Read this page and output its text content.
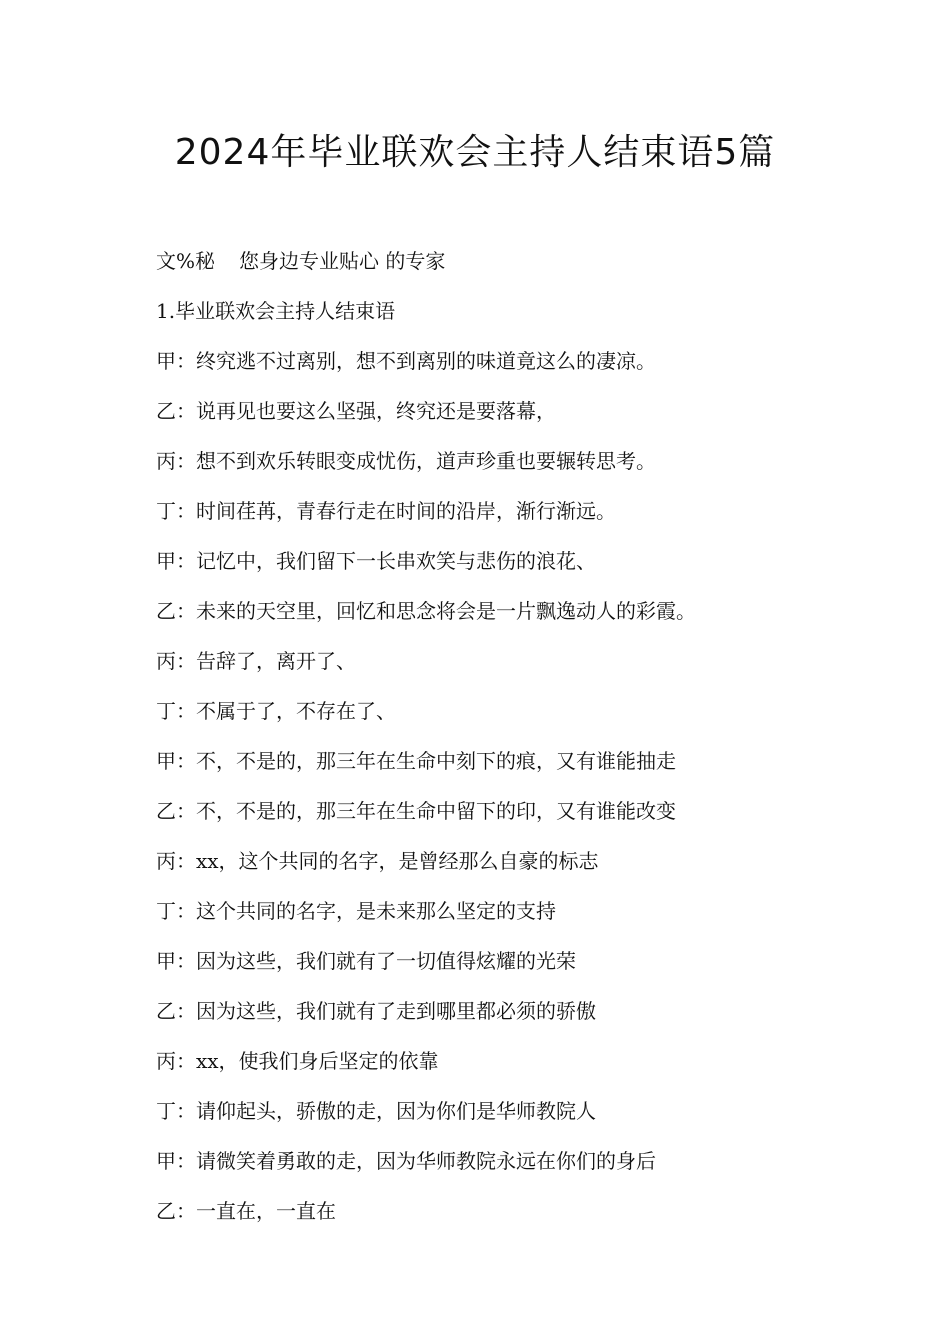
2024年毕业联欢会主持人结束语5篇
文%秘 您身边专业贴心 的专家
1.毕业联欢会主持人结束语
甲：终究逃不过离别，想不到离别的味道竟这么的凄凉。
乙：说再见也要这么坚强，终究还是要落幕，
丙：想不到欢乐转眼变成忧伤，道声珍重也要辗转思考。
丁：时间荏苒，青春行走在时间的沿岸，渐行渐远。
甲：记忆中，我们留下一长串欢笑与悲伤的浪花、
乙：未来的天空里，回忆和思念将会是一片飘逸动人的彩霞。
丙：告辞了，离开了、
丁：不属于了，不存在了、
甲：不，不是的，那三年在生命中刻下的痕，又有谁能抽走
乙：不，不是的，那三年在生命中留下的印，又有谁能改变
丙：xx，这个共同的名字，是曾经那么自豪的标志
丁：这个共同的名字，是未来那么坚定的支持
甲：因为这些，我们就有了一切值得炫耀的光荣
乙：因为这些，我们就有了走到哪里都必须的骄傲
丙：xx，使我们身后坚定的依靠
丁：请仰起头，骄傲的走，因为你们是华师教院人
甲：请微笑着勇敢的走，因为华师教院永远在你们的身后
乙：一直在，一直在
